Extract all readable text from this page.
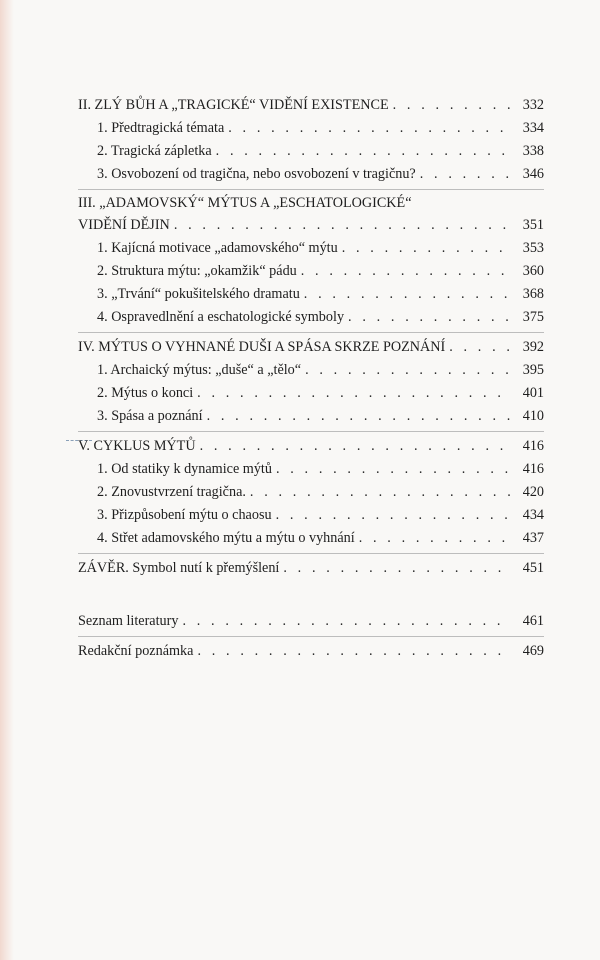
II. ZLÝ BŮH A „TRAGICKÉ“ VIDĚNÍ EXISTENCE . . .	332
1. Předtragická témata . . .	334
2. Tragická zápletka . . .	338
3. Osvobození od tragična, nebo osvobození v tragičnu? . . .	346
III. „ADAMOVSKÝ“ MÝTUS A „ESCHATOLOGICKÉ“
VIDĚNÍ DĚJIN . . .	351
1. Kajícná motivace „adamovského“ mýtu . . .	353
2. Struktura mýtu: „okamžik“ pádu . . .	360
3. „Trvání“ pokušitelského dramatu . . .	368
4. Ospravedlnění a eschatologické symboly . . .	375
IV. MÝTUS O VYHNANÉ DUŠI A SPÁSA SKRZE POZNÁNÍ . . .	392
1. Archaický mýtus: „duše“ a „tělo“ . . .	395
2. Mýtus o konci . . .	401
3. Spása a poznání . . .	410
V. CYKLUS MÝTŮ . . .	416
1. Od statiky k dynamice mýtů . . .	416
2. Znovustvrzení tragična. . . .	420
3. Přizpůsobení mýtu o chaosu . . .	434
4. Střet adamovského mýtu a mýtu o vyhnání . . .	437
ZÁVĚR. Symbol nutí k přemýšlení . . .	451
Seznam literatury . . .	461
Redakční poznámka . . .	469
